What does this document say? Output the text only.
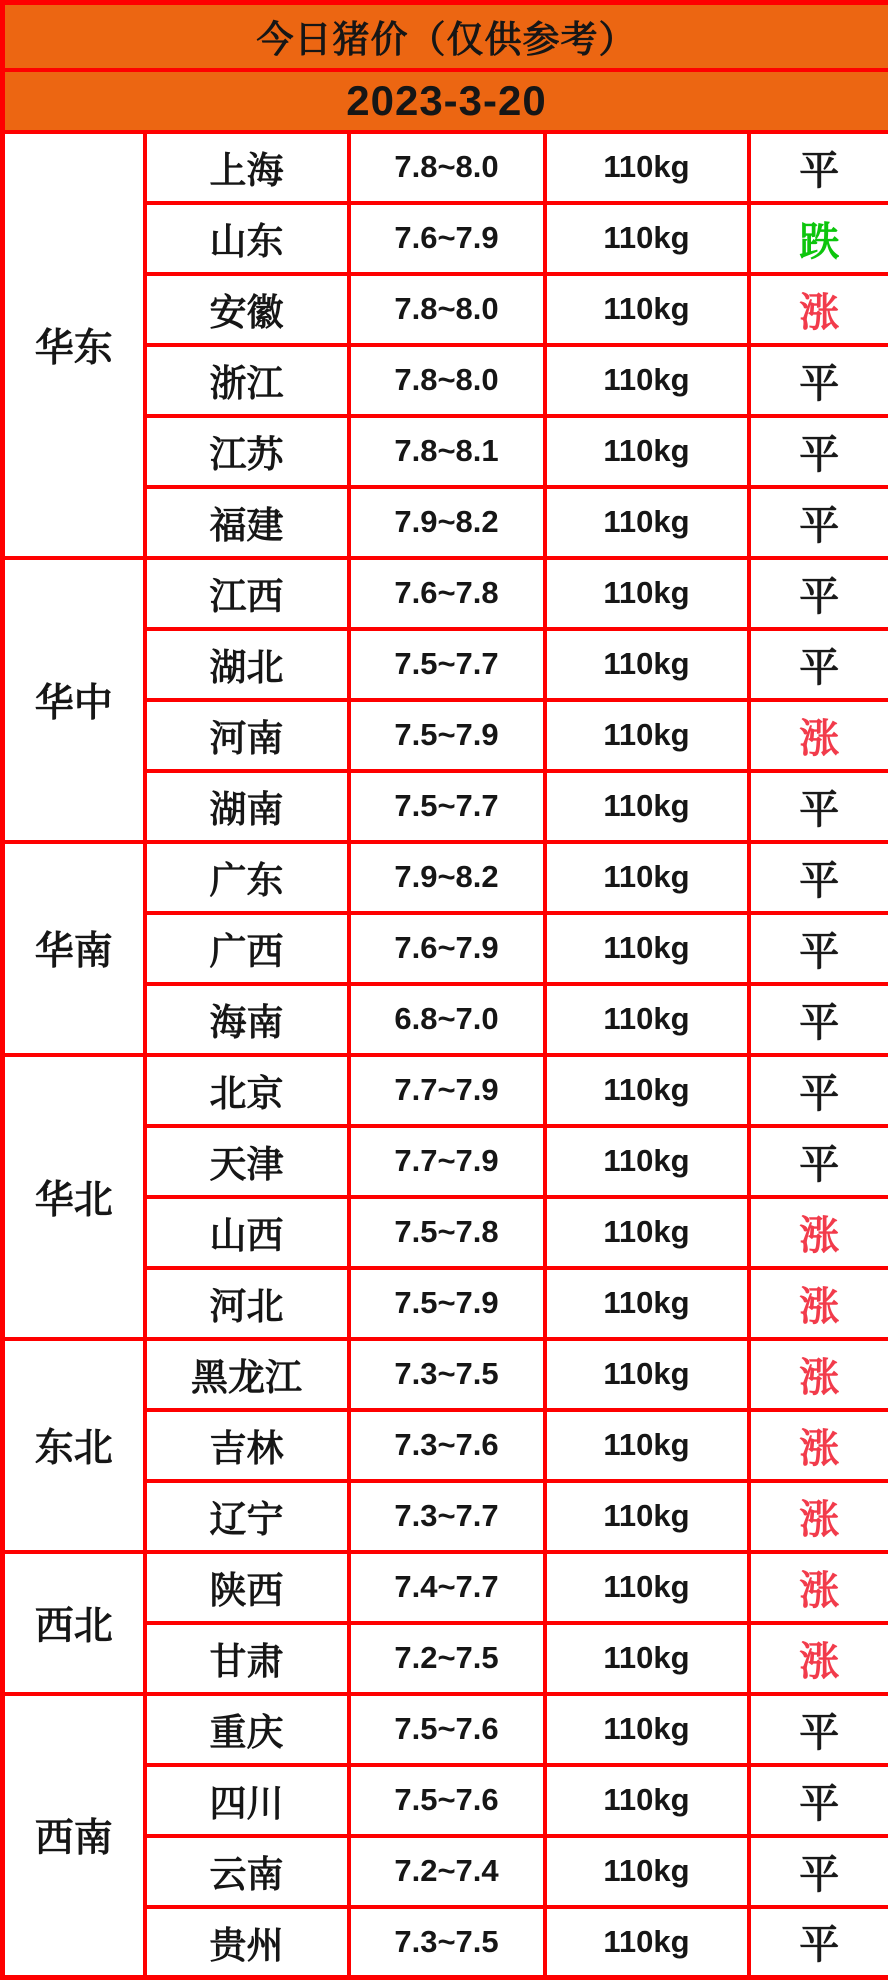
今日猪价（仅供参考）				
2023-3-20				
华东	上海	7.8~8.0	110kg	平
	山东	7.6~7.9	110kg	跌
	安徽	7.8~8.0	110kg	涨
	浙江	7.8~8.0	110kg	平
	江苏	7.8~8.1	110kg	平
	福建	7.9~8.2	110kg	平
华中	江西	7.6~7.8	110kg	平
	湖北	7.5~7.7	110kg	平
	河南	7.5~7.9	110kg	涨
	湖南	7.5~7.7	110kg	平
华南	广东	7.9~8.2	110kg	平
	广西	7.6~7.9	110kg	平
	海南	6.8~7.0	110kg	平
华北	北京	7.7~7.9	110kg	平
	天津	7.7~7.9	110kg	平
	山西	7.5~7.8	110kg	涨
	河北	7.5~7.9	110kg	涨
东北	黑龙江	7.3~7.5	110kg	涨
	吉林	7.3~7.6	110kg	涨
	辽宁	7.3~7.7	110kg	涨
西北	陕西	7.4~7.7	110kg	涨
	甘肃	7.2~7.5	110kg	涨
西南	重庆	7.5~7.6	110kg	平
	四川	7.5~7.6	110kg	平
	云南	7.2~7.4	110kg	平
	贵州	7.3~7.5	110kg	平
